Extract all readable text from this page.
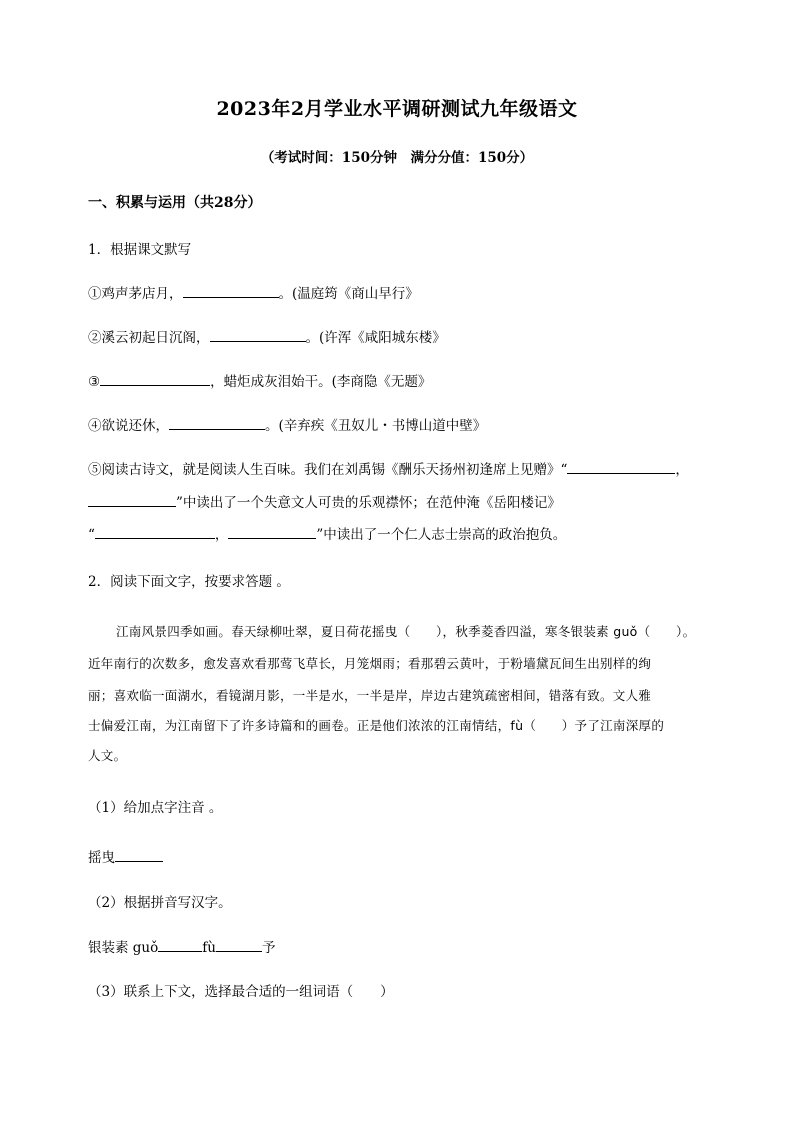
2023年2月学业水平调研测试九年级语文
（考试时间：150分钟　满分分值：150分）
一、积累与运用（共28分）
1．根据课文默写
①鸡声茅店月，	。(温庭筠《商山早行》
②溪云初起日沉阁，	。(许浑《咸阳城东楼》
③	，蜡炬成灰泪始干。(李商隐《无题》
④欲说还休，	。(辛弃疾《丑奴儿・书博山道中壁》
⑤阅读古诗文，就是阅读人生百味。我们在刘禹锡《酬乐天扬州初逢席上见赠》“	，
”中读出了一个失意文人可贵的乐观襟怀；在范仲淹《岳阳楼记》
“	，	”中读出了一个仁人志士崇高的政治抱负。
2．阅读下面文字，按要求答题 。
江南风景四季如画。春天绿柳吐翠，夏日荷花摇曳（　　），秋季菱香四溢，寒冬银装素 guǒ（　　）。
近年南行的次数多，愈发喜欢看那莺飞草长，月笼烟雨；看那碧云黄叶，于粉墙黛瓦间生出别样的绚
丽；喜欢临一面湖水，看镜湖月影，一半是水，一半是岸，岸边古建筑疏密相间，错落有致。文人雅
士偏爱江南，为江南留下了许多诗篇和的画卷。正是他们浓浓的江南情结，fù（　　）予了江南深厚的
人文。
（1）给加点字注音 。
摇曳
（2）根据拼音写汉字。
银装素 guǒ	fù	予
（3）联系上下文，选择最合适的一组词语（　　）
